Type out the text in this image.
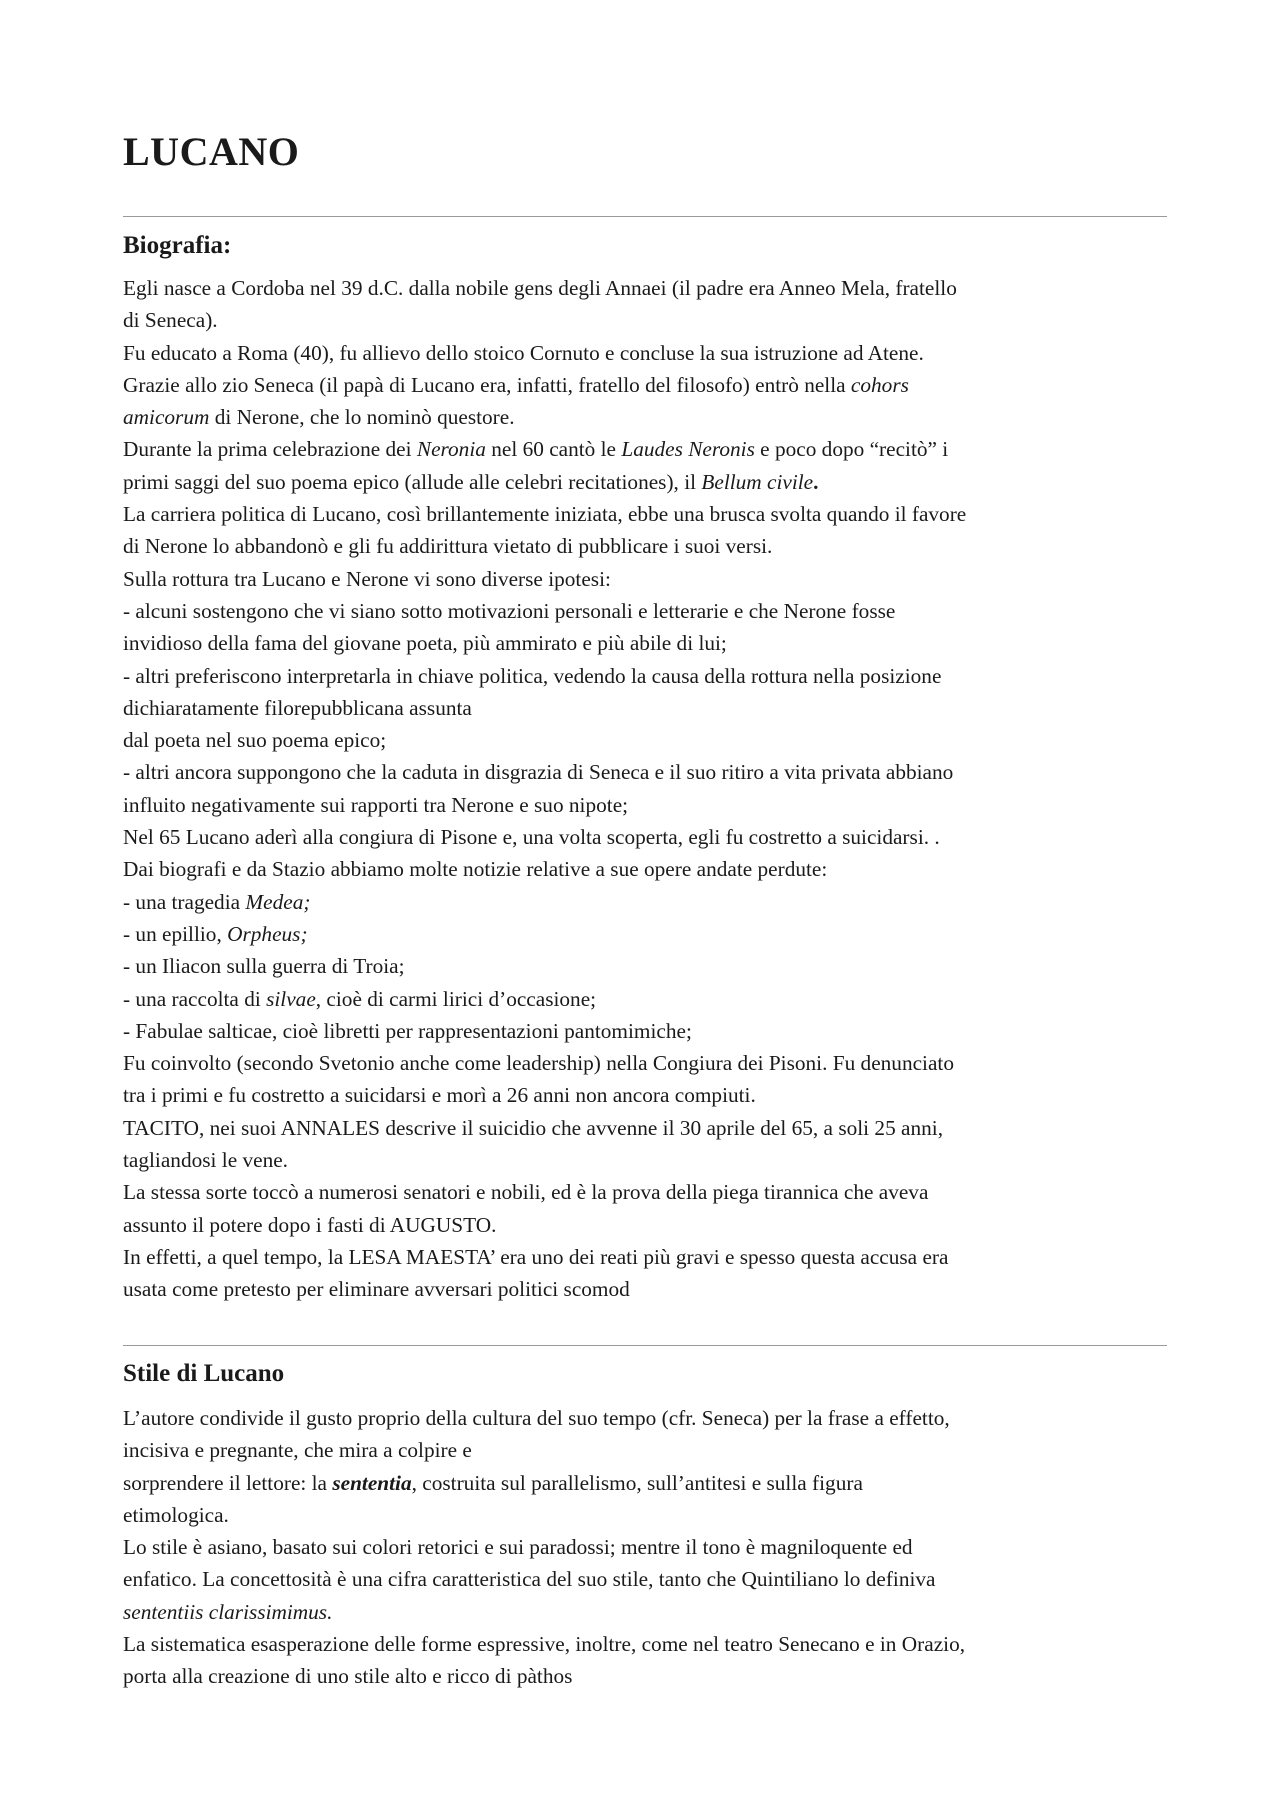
LUCANO
Biografia:
Egli nasce a Cordoba nel 39 d.C. dalla nobile gens degli Annaei (il padre era Anneo Mela, fratello
di Seneca).
Fu educato a Roma (40), fu allievo dello stoico Cornuto e concluse la sua istruzione ad Atene.
Grazie allo zio Seneca (il papà di Lucano era, infatti, fratello del filosofo) entrò nella cohors
amicorum di Nerone, che lo nominò questore.
Durante la prima celebrazione dei Neronia nel 60 cantò le Laudes Neronis e poco dopo “recitò” i
primi saggi del suo poema epico (allude alle celebri recitationes), il Bellum civile.
La carriera politica di Lucano, così brillantemente iniziata, ebbe una brusca svolta quando il favore
di Nerone lo abbandonò e gli fu addirittura vietato di pubblicare i suoi versi.
Sulla rottura tra Lucano e Nerone vi sono diverse ipotesi:
- alcuni sostengono che vi siano sotto motivazioni personali e letterarie e che Nerone fosse
invidioso della fama del giovane poeta, più ammirato e più abile di lui;
- altri preferiscono interpretarla in chiave politica, vedendo la causa della rottura nella posizione
dichiaratamente filorepubblicana assunta
dal poeta nel suo poema epico;
- altri ancora suppongono che la caduta in disgrazia di Seneca e il suo ritiro a vita privata abbiano
influito negativamente sui rapporti tra Nerone e suo nipote;
Nel 65 Lucano aderì alla congiura di Pisone e, una volta scoperta, egli fu costretto a suicidarsi. .
Dai biografi e da Stazio abbiamo molte notizie relative a sue opere andate perdute:
- una tragedia Medea;
- un epillio, Orpheus;
- un Iliacon sulla guerra di Troia;
- una raccolta di silvae, cioè di carmi lirici d’occasione;
- Fabulae salticae, cioè libretti per rappresentazioni pantomimiche;
Fu coinvolto (secondo Svetonio anche come leadership) nella Congiura dei Pisoni. Fu denunciato
tra i primi e fu costretto a suicidarsi e morì a 26 anni non ancora compiuti.
TACITO, nei suoi ANNALES descrive il suicidio che avvenne il 30 aprile del 65, a soli 25 anni,
tagliandosi le vene.
La stessa sorte toccò a numerosi senatori e nobili, ed è la prova della piega tirannica che aveva
assunto il potere dopo i fasti di AUGUSTO.
In effetti, a quel tempo, la LESA MAESTA’ era uno dei reati più gravi e spesso questa accusa era
usata come pretesto per eliminare avversari politici scomod
Stile di Lucano
L’autore condivide il gusto proprio della cultura del suo tempo (cfr. Seneca) per la frase a effetto,
incisiva e pregnante, che mira a colpire e
sorprendere il lettore: la sententia, costruita sul parallelismo, sull’antitesi e sulla figura
etimologica.
Lo stile è asiano, basato sui colori retorici e sui paradossi; mentre il tono è magniloquente ed
enfatico. La concettosità è una cifra caratteristica del suo stile, tanto che Quintiliano lo definiva
sententiis clarissimimus.
La sistematica esasperazione delle forme espressive, inoltre, come nel teatro Senecano e in Orazio,
porta alla creazione di uno stile alto e ricco di pàthos
